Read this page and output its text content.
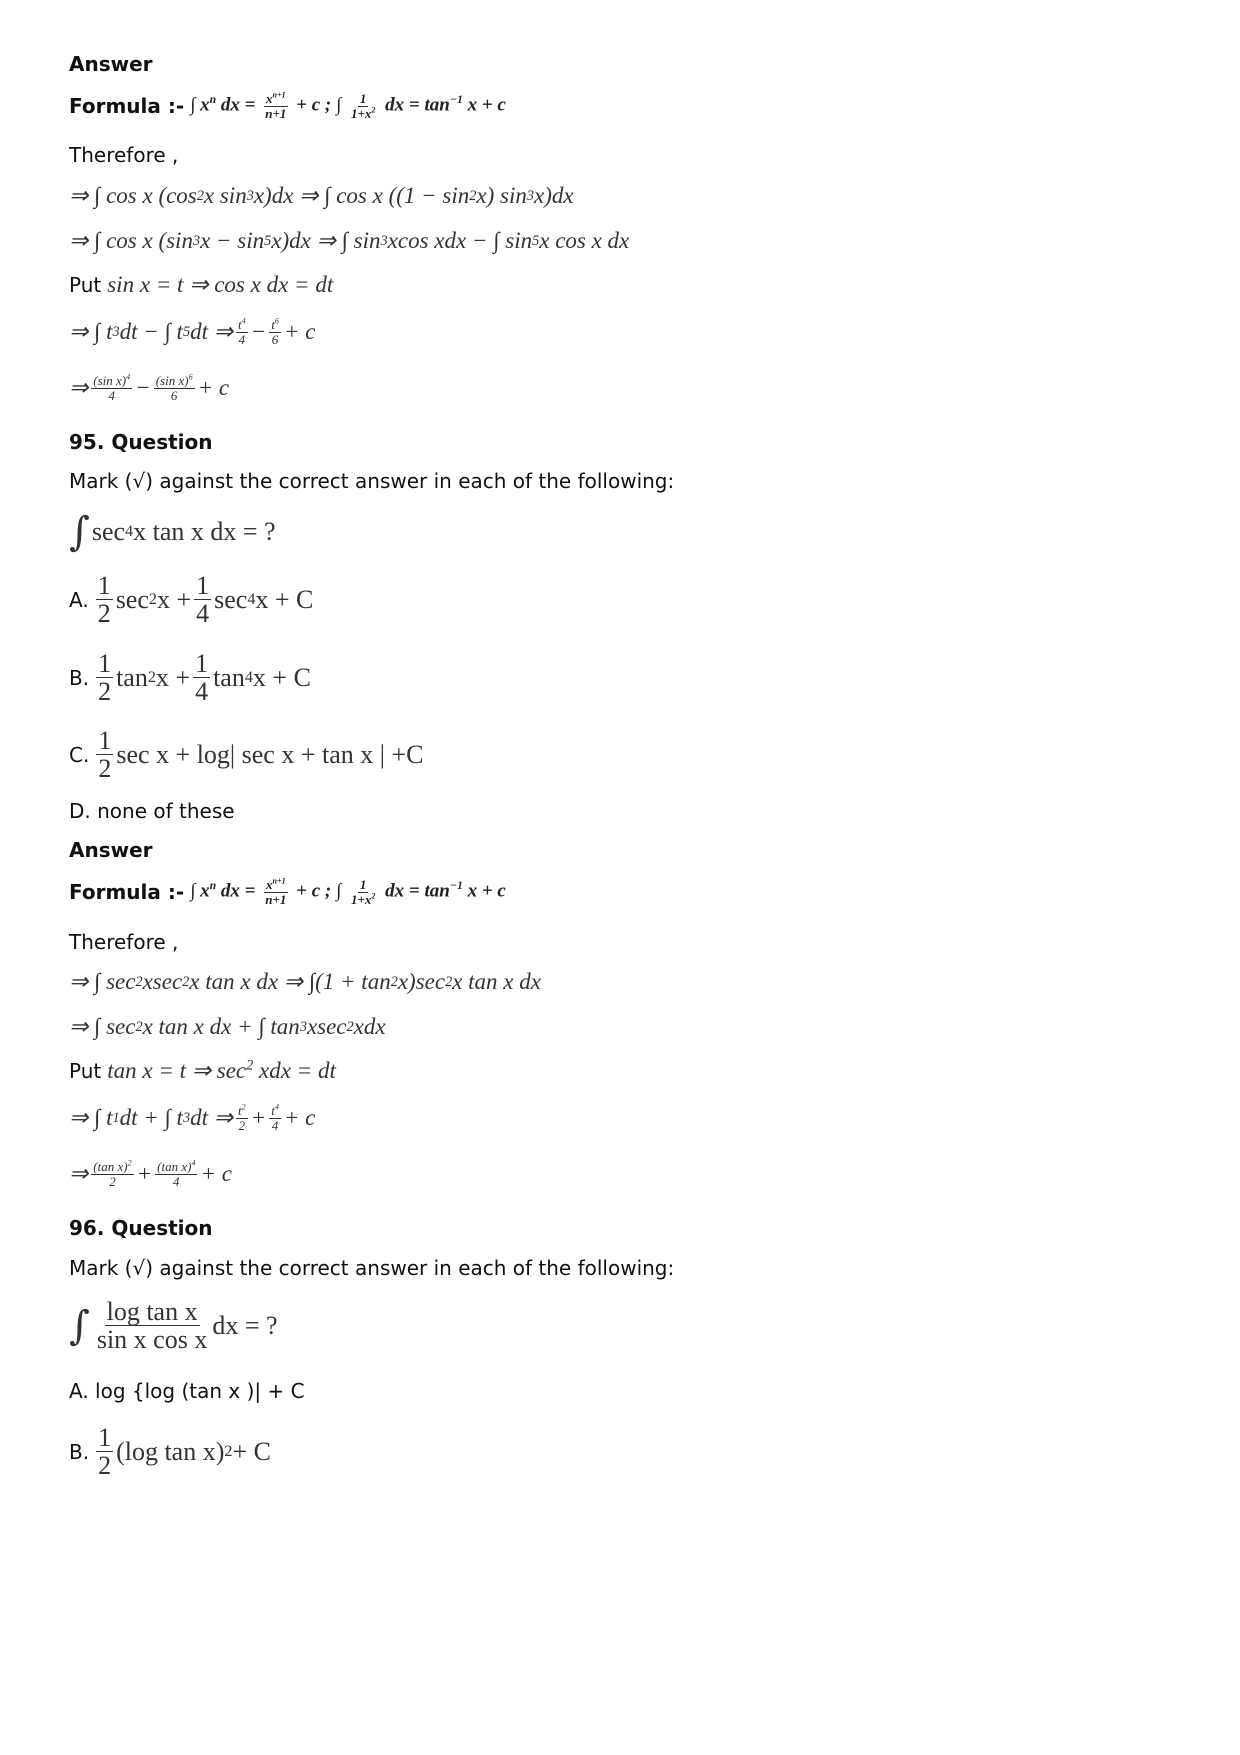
Answer
Formula :- ∫ $x^n$ dx = $\frac{x^{n+1}}{n+1} + c$ ; ∫ $\frac{1}{1+x^2}$ dx = $\tan^{-1} x + c$
Therefore ,
⇒ ∫ cos x (cos 2 x sin 3 x)dx ⇒ ∫ cos x ((1 − sin 2 x) sin 3 x)dx
⇒ ∫ cos x (sin 3 x − sin 5 x)dx ⇒ ∫ sin 3 xcos xdx − ∫ sin 5 x cos x dx
Put sin x = t ⇒ cos x dx = dt
⇒ ∫ t 3 dt − ∫ t 5 dt ⇒ $\frac{t^4}{4} - \frac{t^6}{6} + c$
⇒ $\frac{(\sin x)^4}{4} - \frac{(\sin x)^6}{6} + c$
95. Question
Mark (√) against the correct answer in each of the following:
∫ sec 4 x tan x dx = ?
A. $\frac{1}{2}$ sec 2 $x + \frac{1}{4}$ sec 4 x + C
B. $\frac{1}{2}$ tan 2 $x + \frac{1}{4}$ tan 4 x + C
C. $\frac{1}{2}$ sec x + log| sec x + tan x | +C
D. none of these
Answer
Formula :- ∫ $x^n$ dx = $\frac{x^{n+1}}{n+1} + c$ ; ∫ $\frac{1}{1+x^2}$ dx = $\tan^{-1} x + c$
Therefore ,
⇒ ∫ sec 2 xsec 2 x tan x dx ⇒ ∫(1 + tan 2 x)sec 2 x tan x dx
⇒ ∫ sec 2 x tan x dx + ∫ tan 3 xsec 2 xdx
Put tan x = t ⇒ $\sec^2$ xdx = dt
⇒ ∫ t 1 dt + ∫ t 3 dt ⇒ $\frac{t^2}{2} + \frac{t^4}{4} + c$
⇒ $\frac{(\tan x)^2}{2} + \frac{(\tan x)^4}{4} + c$
96. Question
Mark (√) against the correct answer in each of the following:
∫ $\frac{\text{log tan x}}{\text{sin x cos x}}$ dx = ?
A. log {log (tan x )| + C
B. $\frac{1}{2} (\log$ tan x) 2 + C
